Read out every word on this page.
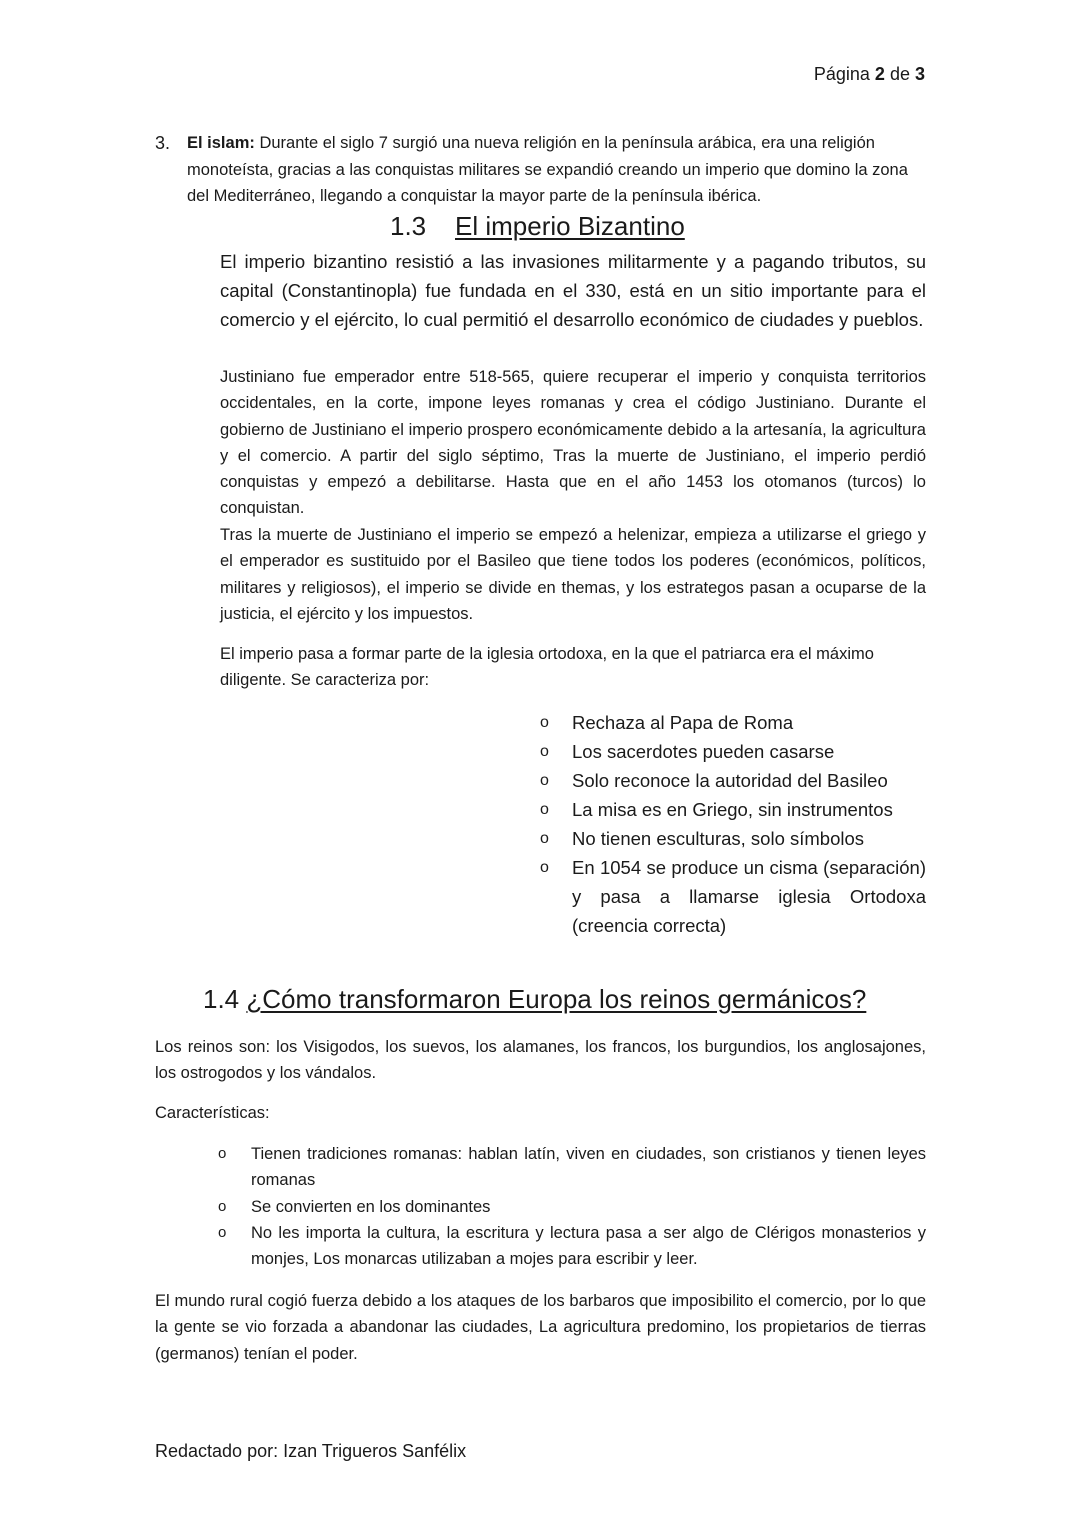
Página 2 de 3
3. El islam: Durante el siglo 7 surgió una nueva religión en la península arábica, era una religión monoteísta, gracias a las conquistas militares se expandió creando un imperio que domino la zona del Mediterráneo, llegando a conquistar la mayor parte de la península ibérica.
1.3 El imperio Bizantino
El imperio bizantino resistió a las invasiones militarmente y a pagando tributos, su capital (Constantinopla) fue fundada en el 330, está en un sitio importante para el comercio y el ejército, lo cual permitió el desarrollo económico de ciudades y pueblos.
Justiniano fue emperador entre 518-565, quiere recuperar el imperio y conquista territorios occidentales, en la corte, impone leyes romanas y crea el código Justiniano. Durante el gobierno de Justiniano el imperio prospero económicamente debido a la artesanía, la agricultura y el comercio. A partir del siglo séptimo, Tras la muerte de Justiniano, el imperio perdió conquistas y empezó a debilitarse. Hasta que en el año 1453 los otomanos (turcos) lo conquistan.
Tras la muerte de Justiniano el imperio se empezó a helenizar, empieza a utilizarse el griego y el emperador es sustituido por el Basileo que tiene todos los poderes (económicos, políticos, militares y religiosos), el imperio se divide en themas, y los estrategos pasan a ocuparse de la justicia, el ejército y los impuestos.
El imperio pasa a formar parte de la iglesia ortodoxa, en la que el patriarca era el máximo diligente. Se caracteriza por:
o Rechaza al Papa de Roma
o Los sacerdotes pueden casarse
o Solo reconoce la autoridad del Basileo
o La misa es en Griego, sin instrumentos
o No tienen esculturas, solo símbolos
o En 1054 se produce un cisma (separación) y pasa a llamarse iglesia Ortodoxa (creencia correcta)
1.4 ¿Cómo transformaron Europa los reinos germánicos?
Los reinos son: los Visigodos, los suevos, los alamanes, los francos, los burgundios, los anglosajones, los ostrogodos y los vándalos.
Características:
o Tienen tradiciones romanas: hablan latín, viven en ciudades, son cristianos y tienen leyes romanas
o Se convierten en los dominantes
o No les importa la cultura, la escritura y lectura pasa a ser algo de Clérigos monasterios y monjes, Los monarcas utilizaban a mojes para escribir y leer.
El mundo rural cogió fuerza debido a los ataques de los barbaros que imposibilito el comercio, por lo que la gente se vio forzada a abandonar las ciudades, La agricultura predomino, los propietarios de tierras (germanos) tenían el poder.
Redactado por: Izan Trigueros Sanfélix
